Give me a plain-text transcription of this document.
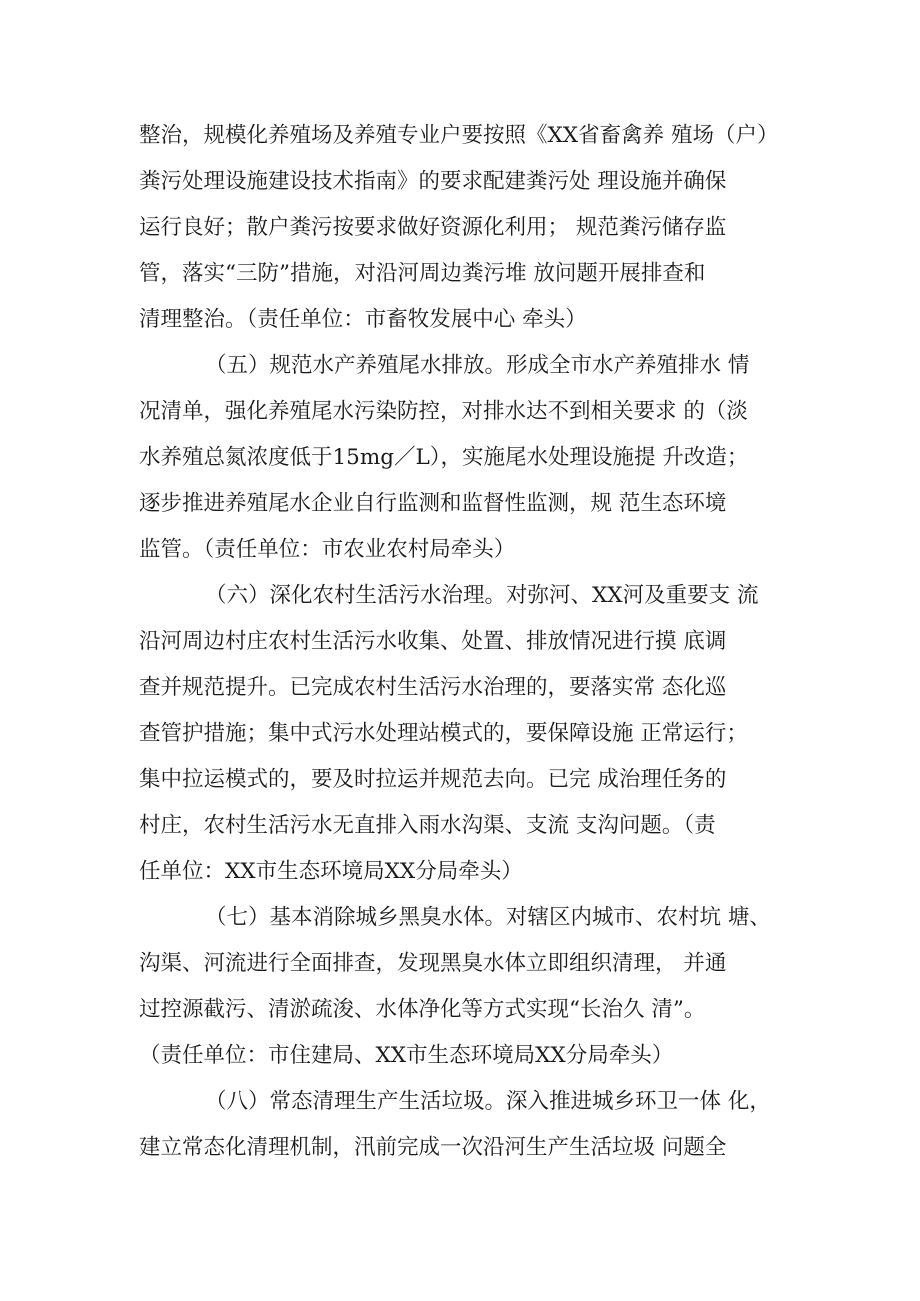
整治，规模化养殖场及养殖专业户要按照《XX省畜禽养 殖场（户）
粪污处理设施建设技术指南》的要求配建粪污处 理设施并确保
运行良好；散户粪污按要求做好资源化利用； 规范粪污储存监
管，落实“三防”措施，对沿河周边粪污堆 放问题开展排查和
清理整治。（责任单位：市畜牧发展中心 牵头）
（五）规范水产养殖尾水排放。形成全市水产养殖排水 情
况清单，强化养殖尾水污染防控，对排水达不到相关要求 的（淡
水养殖总氮浓度低于15mg／L），实施尾水处理设施提 升改造；
逐步推进养殖尾水企业自行监测和监督性监测，规 范生态环境
监管。（责任单位：市农业农村局牵头）
（六）深化农村生活污水治理。对弥河、XX河及重要支 流
沿河周边村庄农村生活污水收集、处置、排放情况进行摸 底调
查并规范提升。已完成农村生活污水治理的，要落实常 态化巡
查管护措施；集中式污水处理站模式的，要保障设施 正常运行；
集中拉运模式的，要及时拉运并规范去向。已完 成治理任务的
村庄，农村生活污水无直排入雨水沟渠、支流 支沟问题。（责
任单位：XX市生态环境局XX分局牵头）
（七）基本消除城乡黑臭水体。对辖区内城市、农村坑 塘、
沟渠、河流进行全面排查，发现黑臭水体立即组织清理， 并通
过控源截污、清淤疏浚、水体净化等方式实现“长治久 清”。
（责任单位：市住建局、XX市生态环境局XX分局牵头）
（八）常态清理生产生活垃圾。深入推进城乡环卫一体 化，
建立常态化清理机制，汛前完成一次沿河生产生活垃圾 问题全
